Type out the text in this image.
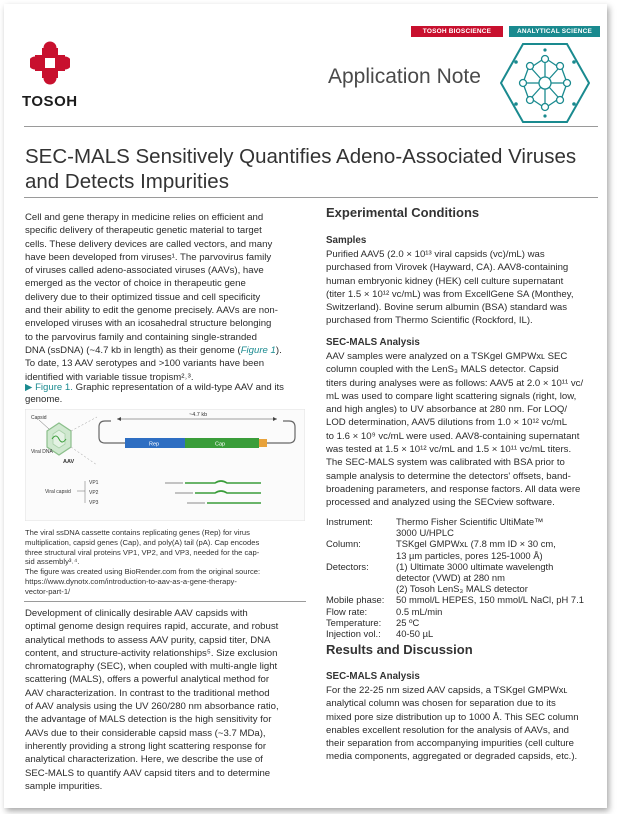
TOSOH BIOSCIENCE	ANALYTICAL SCIENCE
TOSOH
Application Note
SEC-MALS Sensitively Quantifies Adeno-Associated Viruses and Detects Impurities
Cell and gene therapy in medicine relies on efficient and
specific delivery of therapeutic genetic material to target
cells. These delivery devices are called vectors, and many
have been developed from viruses¹. The parvovirus family
of viruses called adeno-associated viruses (AAVs), have
emerged as the vector of choice in therapeutic gene
delivery due to their optimized tissue and cell specificity
and their ability to edit the genome precisely. AAVs are non-
enveloped viruses with an icosahedral structure belonging
to the parvovirus family and containing single-stranded
DNA (ssDNA) (~4.7 kb in length) as their genome (Figure 1).
To date, 13 AAV serotypes and >100 variants have been
identified with variable tissue tropism²˒³.
▶ Figure 1. Graphic representation of a wild-type AAV and its genome.
Capsid
Viral DNA
AAV
~4.7 kb
Rep	Cap
Viral capsid
VP1
VP2
VP3

The viral ssDNA cassette contains replicating genes (Rep) for virus

multiplication, capsid genes (Cap), and poly(A) tail (pA). Cap encodes

three structural viral proteins VP1, VP2, and VP3, needed for the cap-

sid assembly³˒⁴.

The figure was created using BioRender.com from the original source:

https://www.dynotx.com/introduction-to-aav-as-a-gene-therapy-

vector-part-1/

Development of clinically desirable AAV capsids with
optimal genome design requires rapid, accurate, and robust
analytical methods to assess AAV purity, capsid titer, DNA
content, and structure-activity relationships⁵. Size exclusion
chromatography (SEC), when coupled with multi-angle light
scattering (MALS), offers a powerful analytical method for
AAV characterization. In contrast to the traditional method
of AAV analysis using the UV 260/280 nm absorbance ratio,
the advantage of MALS detection is the high sensitivity for
AAVs due to their considerable capsid mass (~3.7 MDa),
inherently providing a strong light scattering response for
analytical characterization. Here, we describe the use of
SEC-MALS to quantify AAV capsid titers and to determine
sample impurities.
Experimental Conditions
Samples
Purified AAV5 (2.0 × 10¹³ viral capsids (vc)/mL) was
purchased from Virovek (Hayward, CA). AAV8-containing
human embryonic kidney (HEK) cell culture supernatant
(titer 1.5 × 10¹² vc/mL) was from ExcellGene SA (Monthey,
Switzerland). Bovine serum albumin (BSA) standard was
purchased from Thermo Scientific (Rockford, IL).
SEC-MALS Analysis
AAV samples were analyzed on a TSKgel GMPWxʟ SEC
column coupled with the LenS₃ MALS detector. Capsid
titers during analyses were as follows: AAV5 at 2.0 × 10¹¹ vc/
mL was used to compare light scattering signals (right, low,
and high angles) to UV absorbance at 280 nm. For LOQ/
LOD determination, AAV5 dilutions from 1.0 × 10¹² vc/mL
to 1.6 × 10⁹ vc/mL were used. AAV8-containing supernatant
was tested at 1.5 × 10¹² vc/mL and 1.5 × 10¹¹ vc/mL titers.
The SEC-MALS system was calibrated with BSA prior to
sample analysis to determine the detectors' offsets, band-
broadening parameters, and response factors. All data were
processed and analyzed using the SECview software.
Instrument:	Thermo Fisher Scientific UltiMate™
3000 U/HPLC
Column:	TSKgel GMPWxʟ (7.8 mm ID × 30 cm,
13 µm particles, pores 125-1000 Å)
Detectors:	(1) Ultimate 3000 ultimate wavelength
detector (VWD) at 280 nm
(2) Tosoh LenS₃ MALS detector
Mobile phase:	50 mmol/L HEPES, 150 mmol/L NaCl, pH 7.1
Flow rate:	0.5 mL/min
Temperature:	25 ºC
Injection vol.:	40-50 µL
Results and Discussion
SEC-MALS Analysis
For the 22-25 nm sized AAV capsids, a TSKgel GMPWxʟ
analytical column was chosen for separation due to its
mixed pore size distribution up to 1000 Å. This SEC column
enables excellent resolution for the analysis of AAVs, and
their separation from accompanying impurities (cell culture
media components, aggregated or degraded capsids, etc.).
